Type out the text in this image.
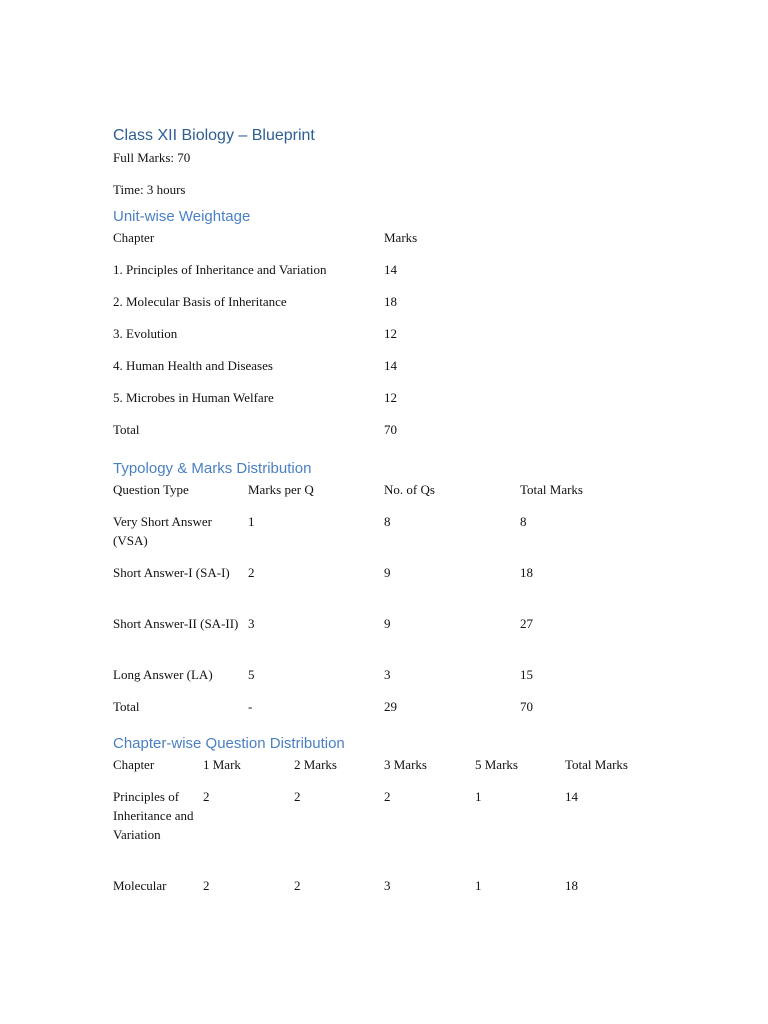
Class XII Biology – Blueprint
Full Marks: 70
Time: 3 hours
Unit-wise Weightage
Chapter	Marks
1. Principles of Inheritance and Variation	14
2. Molecular Basis of Inheritance	18
3. Evolution	12
4. Human Health and Diseases	14
5. Microbes in Human Welfare	12
Total	70
Typology & Marks Distribution
Question Type	Marks per Q	No. of Qs	Total Marks
Very Short Answer (VSA)	1	8	8
Short Answer-I (SA-I)	2	9	18
Short Answer-II (SA-II)	3	9	27
Long Answer (LA)	5	3	15
Total	-	29	70
Chapter-wise Question Distribution
Chapter	1 Mark	2 Marks	3 Marks	5 Marks	Total Marks
Principles of Inheritance and Variation	2	2	2	1	14
Molecular	2	2	3	1	18
